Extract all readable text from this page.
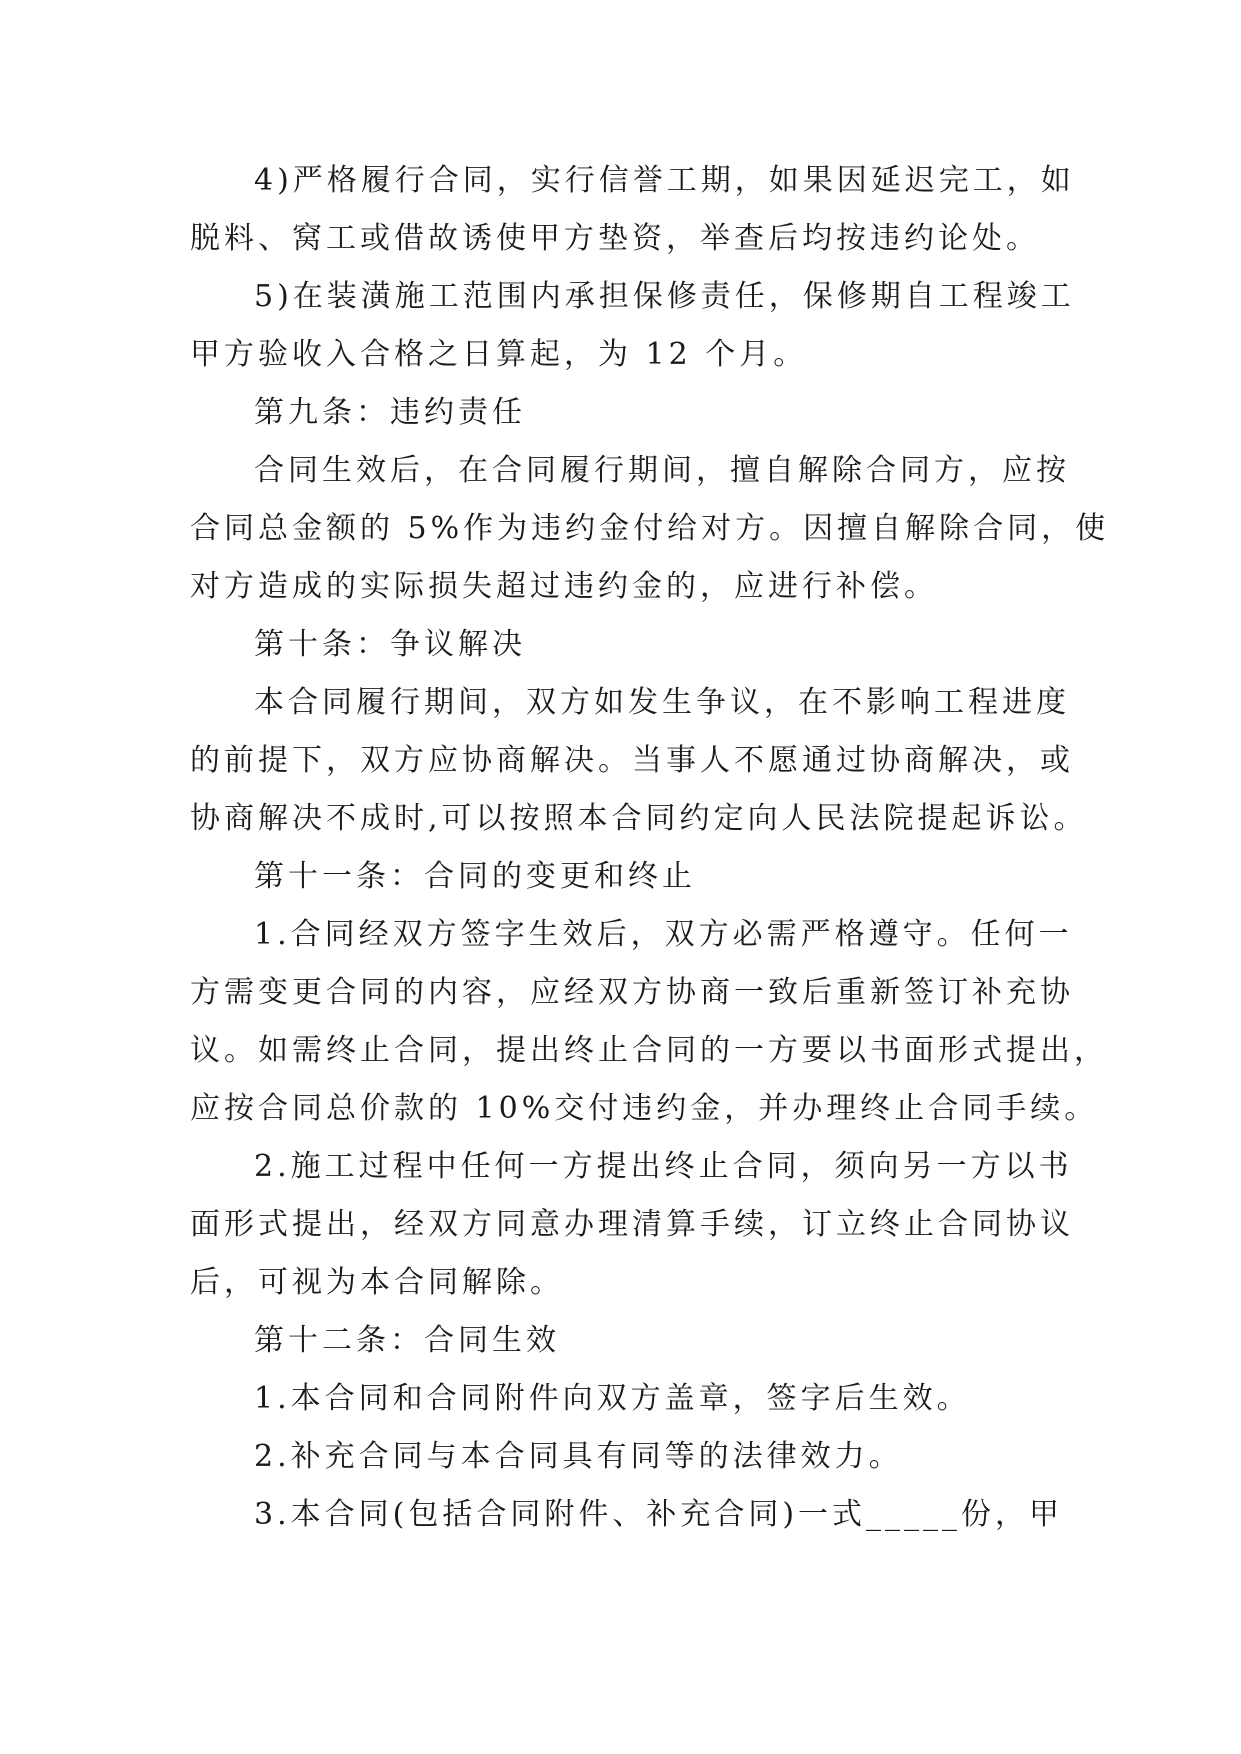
4)严格履行合同，实行信誉工期，如果因延迟完工，如
脱料、窝工或借故诱使甲方垫资，举查后均按违约论处。
5)在装潢施工范围内承担保修责任，保修期自工程竣工
甲方验收入合格之日算起，为 12 个月。
第九条：违约责任
合同生效后，在合同履行期间，擅自解除合同方，应按
合同总金额的 5%作为违约金付给对方。因擅自解除合同，使
对方造成的实际损失超过违约金的，应进行补偿。
第十条：争议解决
本合同履行期间，双方如发生争议，在不影响工程进度
的前提下，双方应协商解决。当事人不愿通过协商解决，或
协商解决不成时,可以按照本合同约定向人民法院提起诉讼。
第十一条：合同的变更和终止
1.合同经双方签字生效后，双方必需严格遵守。任何一
方需变更合同的内容，应经双方协商一致后重新签订补充协
议。如需终止合同，提出终止合同的一方要以书面形式提出，
应按合同总价款的 10%交付违约金，并办理终止合同手续。
2.施工过程中任何一方提出终止合同，须向另一方以书
面形式提出，经双方同意办理清算手续，订立终止合同协议
后，可视为本合同解除。
第十二条：合同生效
1.本合同和合同附件向双方盖章，签字后生效。
2.补充合同与本合同具有同等的法律效力。
3.本合同(包括合同附件、补充合同)一式_____份，甲
